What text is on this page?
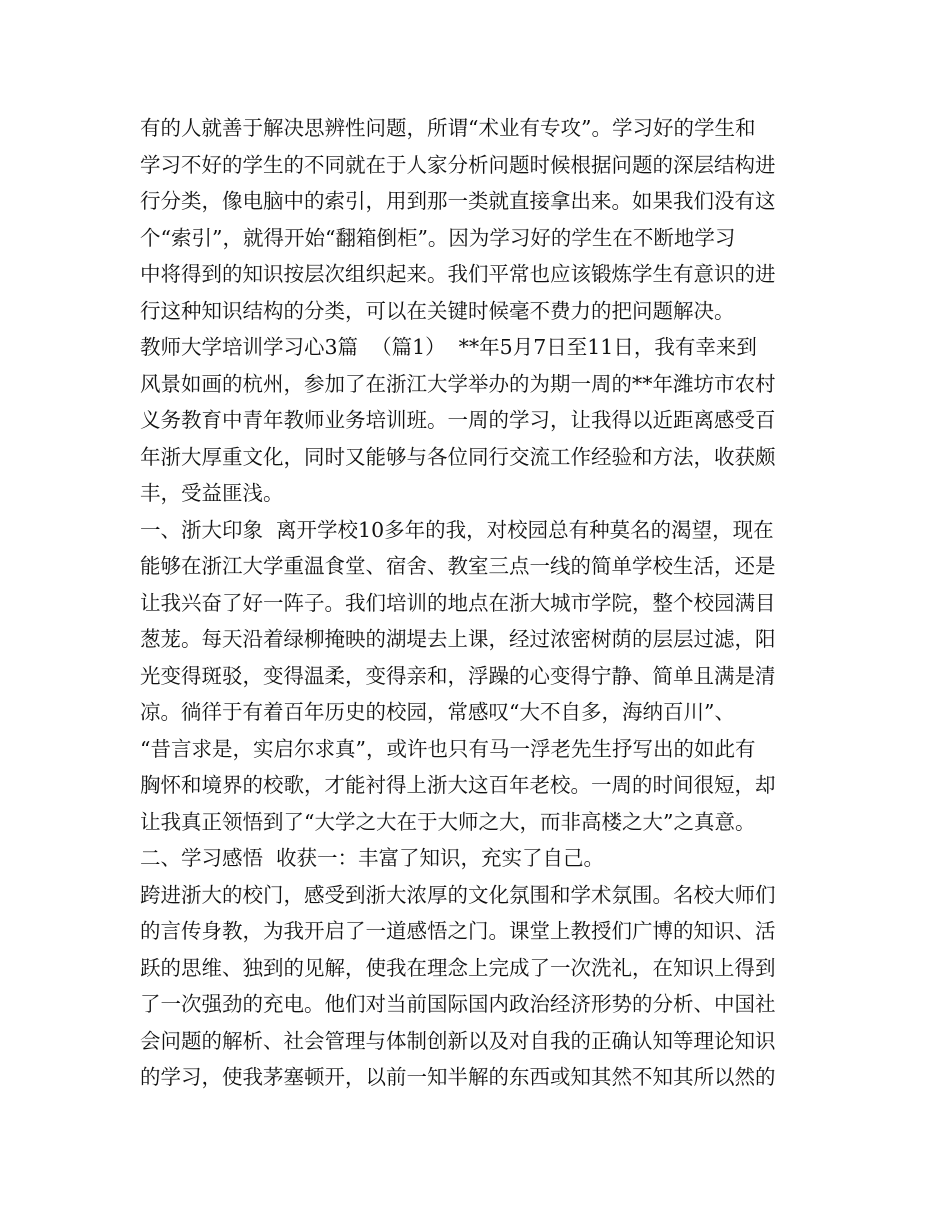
有的人就善于解决思辨性问题，所谓“术业有专攻”。学习好的学生和
学习不好的学生的不同就在于人家分析问题时候根据问题的深层结构进
行分类，像电脑中的索引，用到那一类就直接拿出来。如果我们没有这
个“索引”，就得开始“翻箱倒柜”。因为学习好的学生在不断地学习
中将得到的知识按层次组织起来。我们平常也应该锻炼学生有意识的进
行这种知识结构的分类，可以在关键时候毫不费力的把问题解决。
教师大学培训学习心3篇  （篇1）  **年5月7日至11日，我有幸来到
风景如画的杭州，参加了在浙江大学举办的为期一周的**年潍坊市农村
义务教育中青年教师业务培训班。一周的学习，让我得以近距离感受百
年浙大厚重文化，同时又能够与各位同行交流工作经验和方法，收获颇
丰，受益匪浅。
一、浙大印象  离开学校10多年的我，对校园总有种莫名的渴望，现在
能够在浙江大学重温食堂、宿舍、教室三点一线的简单学校生活，还是
让我兴奋了好一阵子。我们培训的地点在浙大城市学院，整个校园满目
葱茏。每天沿着绿柳掩映的湖堤去上课，经过浓密树荫的层层过滤，阳
光变得斑驳，变得温柔，变得亲和，浮躁的心变得宁静、简单且满是清
凉。徜徉于有着百年历史的校园，常感叹“大不自多，海纳百川”、
“昔言求是，实启尔求真”，或许也只有马一浮老先生抒写出的如此有
胸怀和境界的校歌，才能衬得上浙大这百年老校。一周的时间很短，却
让我真正领悟到了“大学之大在于大师之大，而非高楼之大”之真意。
二、学习感悟  收获一：丰富了知识，充实了自己。
跨进浙大的校门，感受到浙大浓厚的文化氛围和学术氛围。名校大师们
的言传身教，为我开启了一道感悟之门。课堂上教授们广博的知识、活
跃的思维、独到的见解，使我在理念上完成了一次洗礼，在知识上得到
了一次强劲的充电。他们对当前国际国内政治经济形势的分析、中国社
会问题的解析、社会管理与体制创新以及对自我的正确认知等理论知识
的学习，使我茅塞顿开，以前一知半解的东西或知其然不知其所以然的
